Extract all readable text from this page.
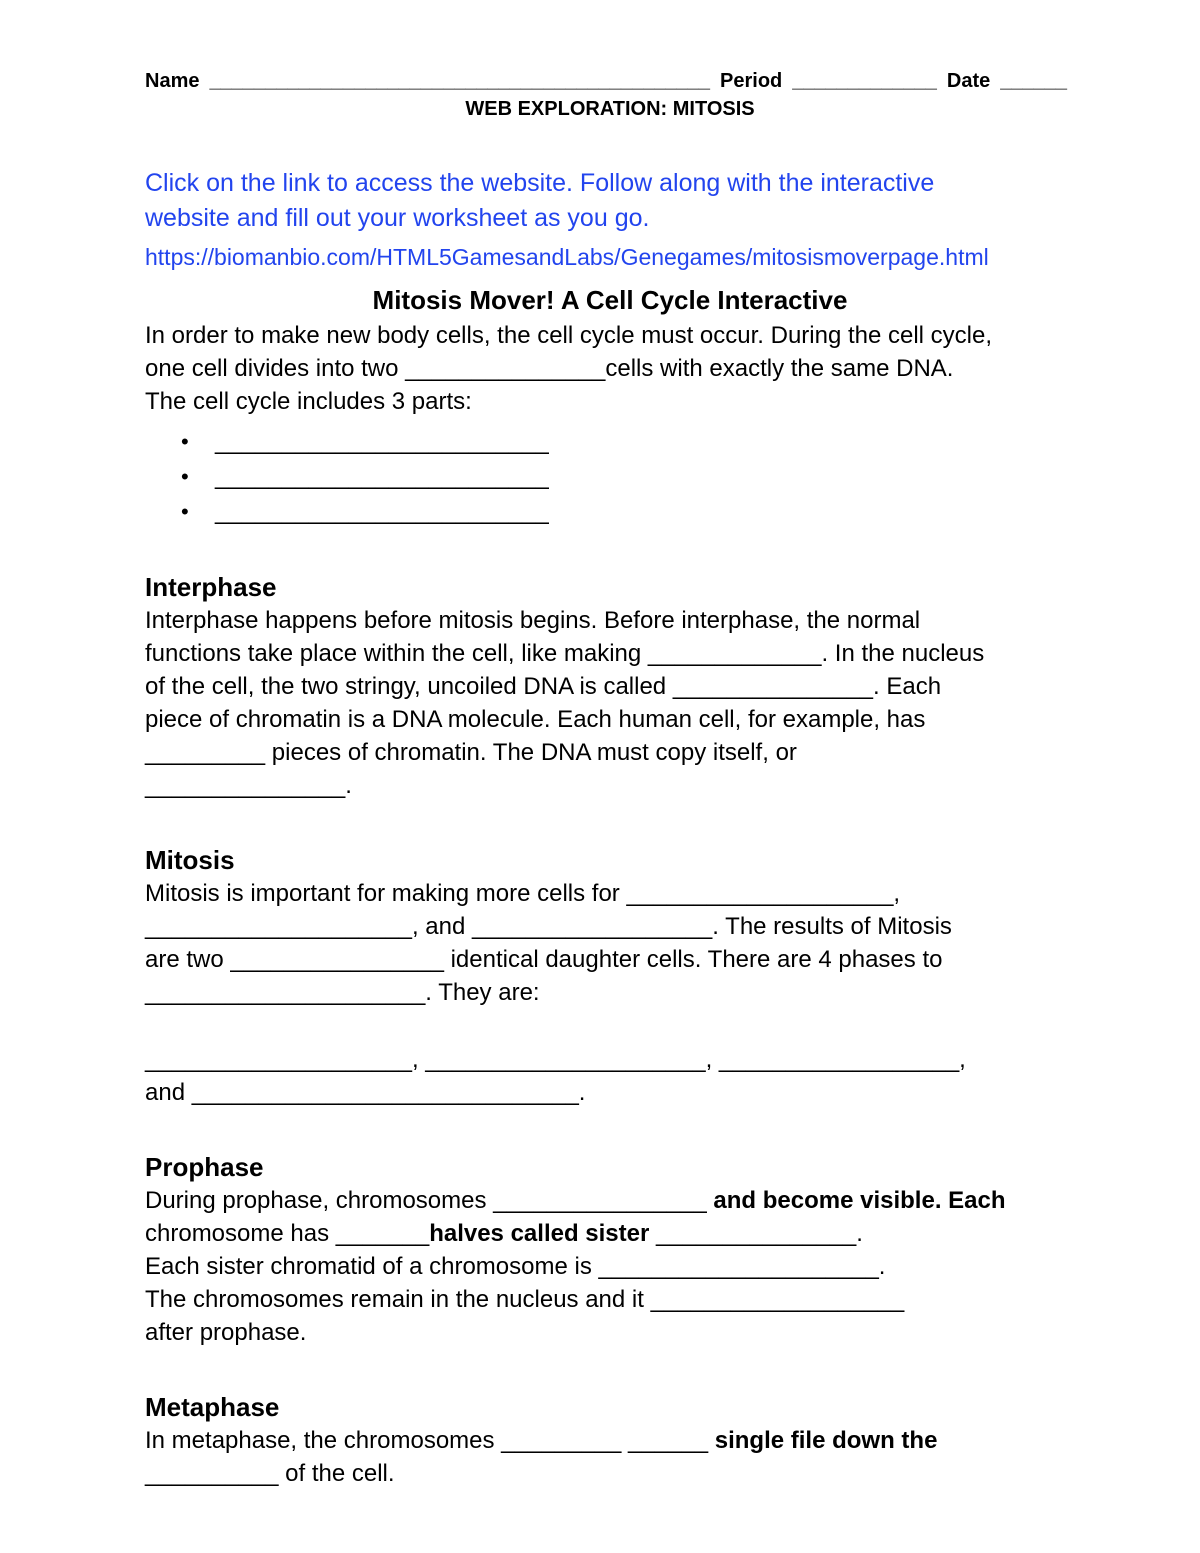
Name _____________________________________________ Period _____________ Date ______
WEB EXPLORATION: MITOSIS
Click on the link to access the website. Follow along with the interactive
website and fill out your worksheet as you go.
https://biomanbio.com/HTML5GamesandLabs/Genegames/mitosismoverpage.html
Mitosis Mover! A Cell Cycle Interactive
In order to make new body cells, the cell cycle must occur. During the cell cycle,
one cell divides into two _______________cells with exactly the same DNA.
The cell cycle includes 3 parts:
• _________________________
• _________________________
• _________________________
Interphase
Interphase happens before mitosis begins. Before interphase, the normal
functions take place within the cell, like making _____________. In the nucleus
of the cell, the two stringy, uncoiled DNA is called _______________. Each
piece of chromatin is a DNA molecule. Each human cell, for example, has
_________ pieces of chromatin. The DNA must copy itself, or
_______________.
Mitosis
Mitosis is important for making more cells for ____________________,
____________________, and __________________. The results of Mitosis
are two ________________ identical daughter cells. There are 4 phases to
_____________________. They are:
____________________, _____________________, __________________,
and _____________________________.
Prophase
During prophase, chromosomes ________________ and become visible. Each
chromosome has _______halves called sister _______________.
Each sister chromatid of a chromosome is _____________________.
The chromosomes remain in the nucleus and it ___________________
after prophase.
Metaphase
In metaphase, the chromosomes _________ ______ single file down the
__________ of the cell.
